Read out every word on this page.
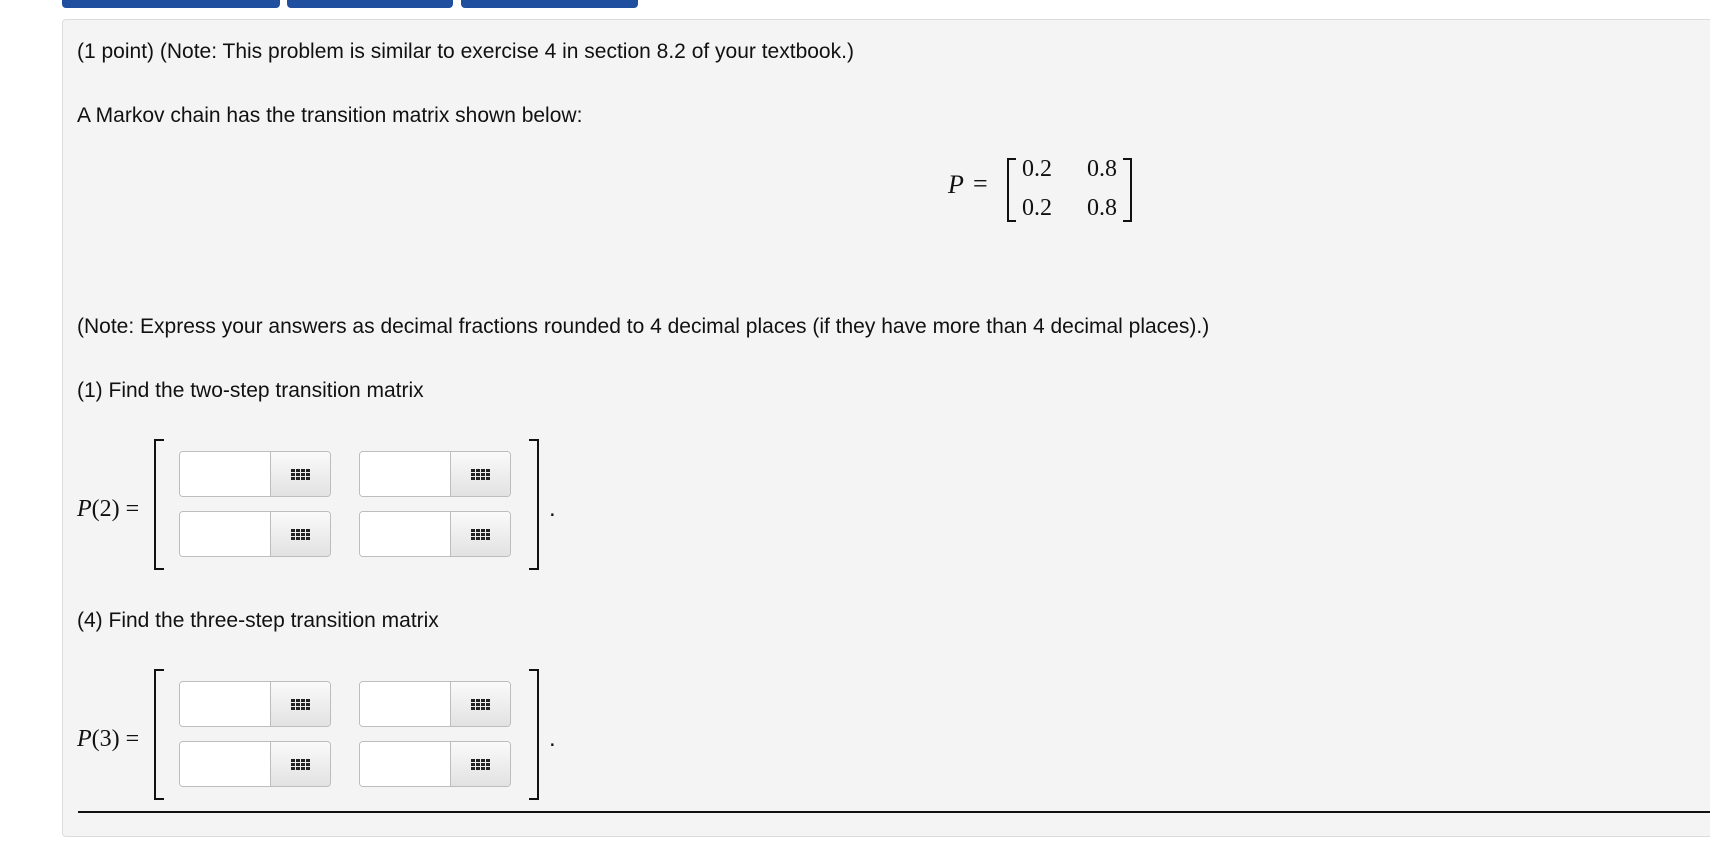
(1 point) (Note: This problem is similar to exercise 4 in section 8.2 of your textbook.)
A Markov chain has the transition matrix shown below:
P =	0.2	0.8
0.2	0.8
(Note: Express your answers as decimal fractions rounded to 4 decimal places (if they have more than 4 decimal places).)
(1) Find the two-step transition matrix
P(2) =	.
(4) Find the three-step transition matrix
P(3) =	.
